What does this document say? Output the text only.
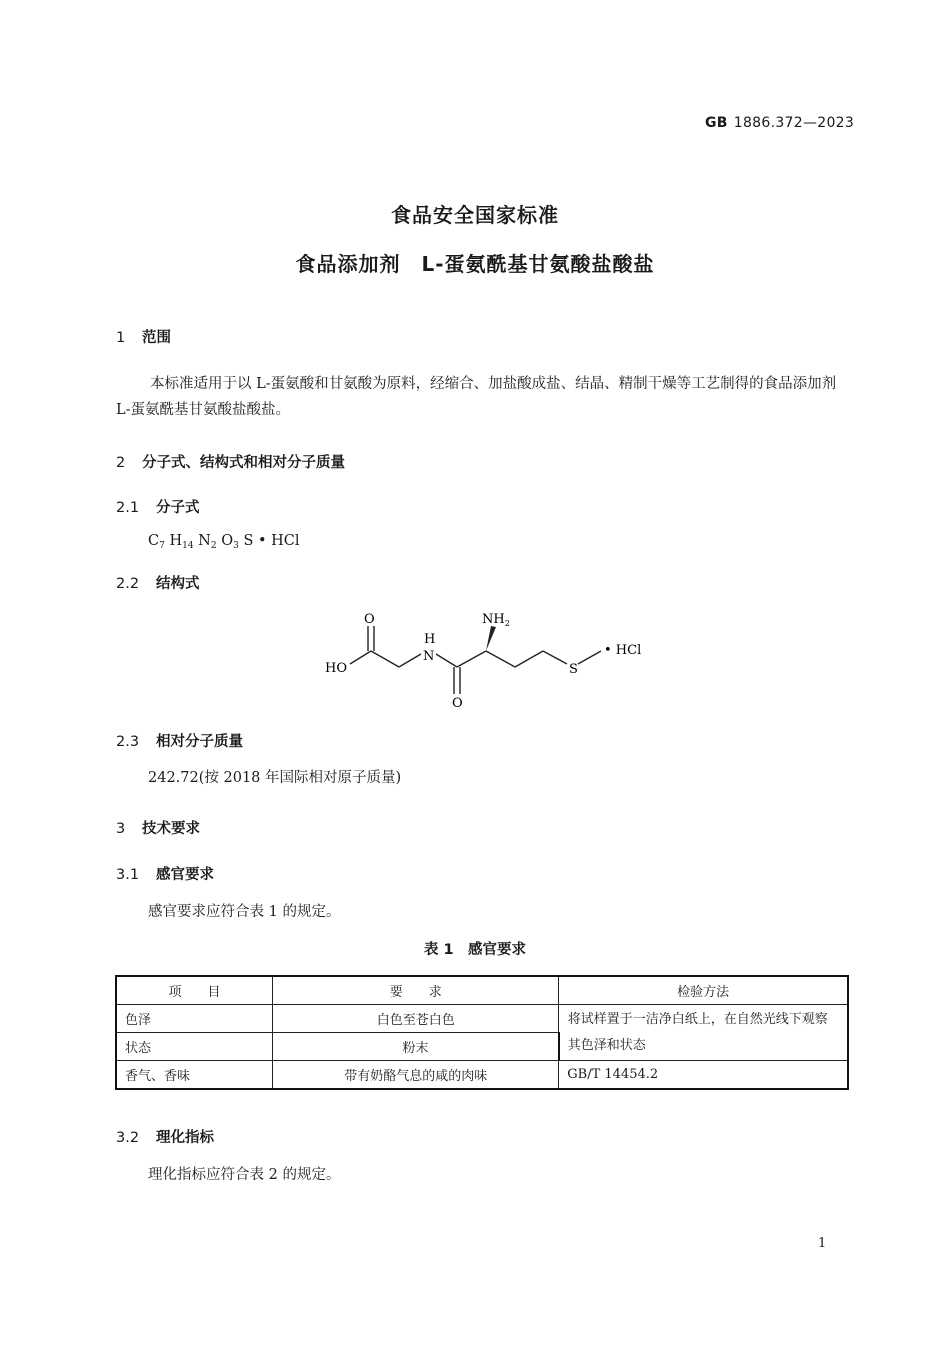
GB 1886.372—2023
食品安全国家标准
食品添加剂　L-蛋氨酰基甘氨酸盐酸盐
1 范围
本标准适用于以 L-蛋氨酸和甘氨酸为原料，经缩合、加盐酸成盐、结晶、精制干燥等工艺制得的食品添加剂 L-蛋氨酰基甘氨酸盐酸盐。
2 分子式、结构式和相对分子质量
2.1 分子式
$C_7$ $H_{14}$ $N_2$ $O_3$ S • HCl
2.2 结构式
O
H
N
$NH_2$
HO
O
S
• HCl
2.3 相对分子质量
242.72(按 2018 年国际相对原子质量)
3 技术要求
3.1 感官要求
感官要求应符合表 1 的规定。
表 1　感官要求
项　　目	要　　求	检验方法
色泽	白色至苍白色	将试样置于一洁净白纸上，在自然光线下观察其色泽和状态
状态	粉末	
香气、香味	带有奶酪气息的咸的肉味	GB/T 14454.2
3.2 理化指标
理化指标应符合表 2 的规定。
1
